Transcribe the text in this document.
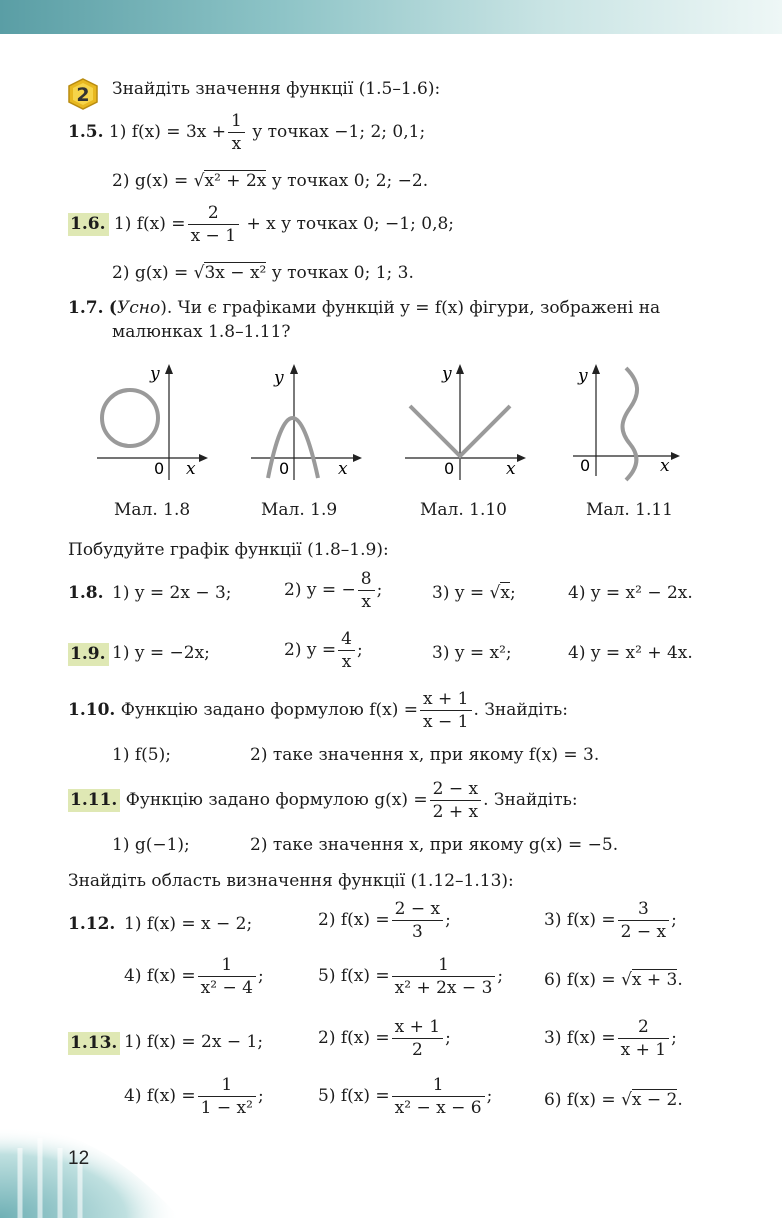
2 Знайдіть значення функції (1.5–1.6):
1.5. 1) $f(x) = 3x + \frac{1}{x}$ у точках −1; 2; 0,1;
2) g(x) = √x² + 2x у точках 0; 2; −2.
1.6. 1) $f(x) = \frac{2}{x - 1} + x$ у точках 0; −1; 0,8;
2) g(x) = √3x − x² у точках 0; 1; 3.
1.7. (Усно). Чи є графіками функцій y = f(x) фігури, зображені на
малюнках 1.8–1.11?
y
0 x
Мал. 1.8
y
0	x
Мал. 1.9
y
0	x
Мал. 1.10
y
0	x
Мал. 1.11
Побудуйте графік функції (1.8–1.9):
1.8. 1) y = 2x − 3;	2) y = − $\frac{8}{x}$ ;	3) y = √x;	4) y = x² − 2x.
1.9. 1) y = −2x;	2) $y = \frac{4}{x}$ ;	3) y = x²;	4) y = x² + 4x.
1.10. Функцію задано формулою $f(x) = \frac{x + 1}{x - 1}$ . Знайдіть:
1) f(5);	2) таке значення x, при якому f(x) = 3.
1.11. Функцію задано формулою $g(x) = \frac{2 - x}{2 + x}$ . Знайдіть:
1) g(−1);	2) таке значення x, при якому g(x) = −5.
Знайдіть область визначення функції (1.12–1.13):
1.12. 1) f(x) = x − 2;	2) $f(x) = \frac{2 - x}{3}$ ;	3) $f(x) = \frac{3}{2 - x}$ ;
4) $f(x) = \frac{1}{\text{x² − 4}}$ ;	5) $f(x) = \frac{1}{\text{x² + 2x − 3}}$ ; 6) f(x) = √x + 3.
1.13. 1) f(x) = 2x − 1;	2) $f(x) = \frac{x + 1}{2}$ ;	3) $f(x) = \frac{2}{x + 1}$ ;
4) $f(x) = \frac{1}{\text{1 − x²}}$ ;	5) $f(x) = \frac{1}{\text{x² − x − 6}}$ ;	6) f(x) = √x − 2.
12
